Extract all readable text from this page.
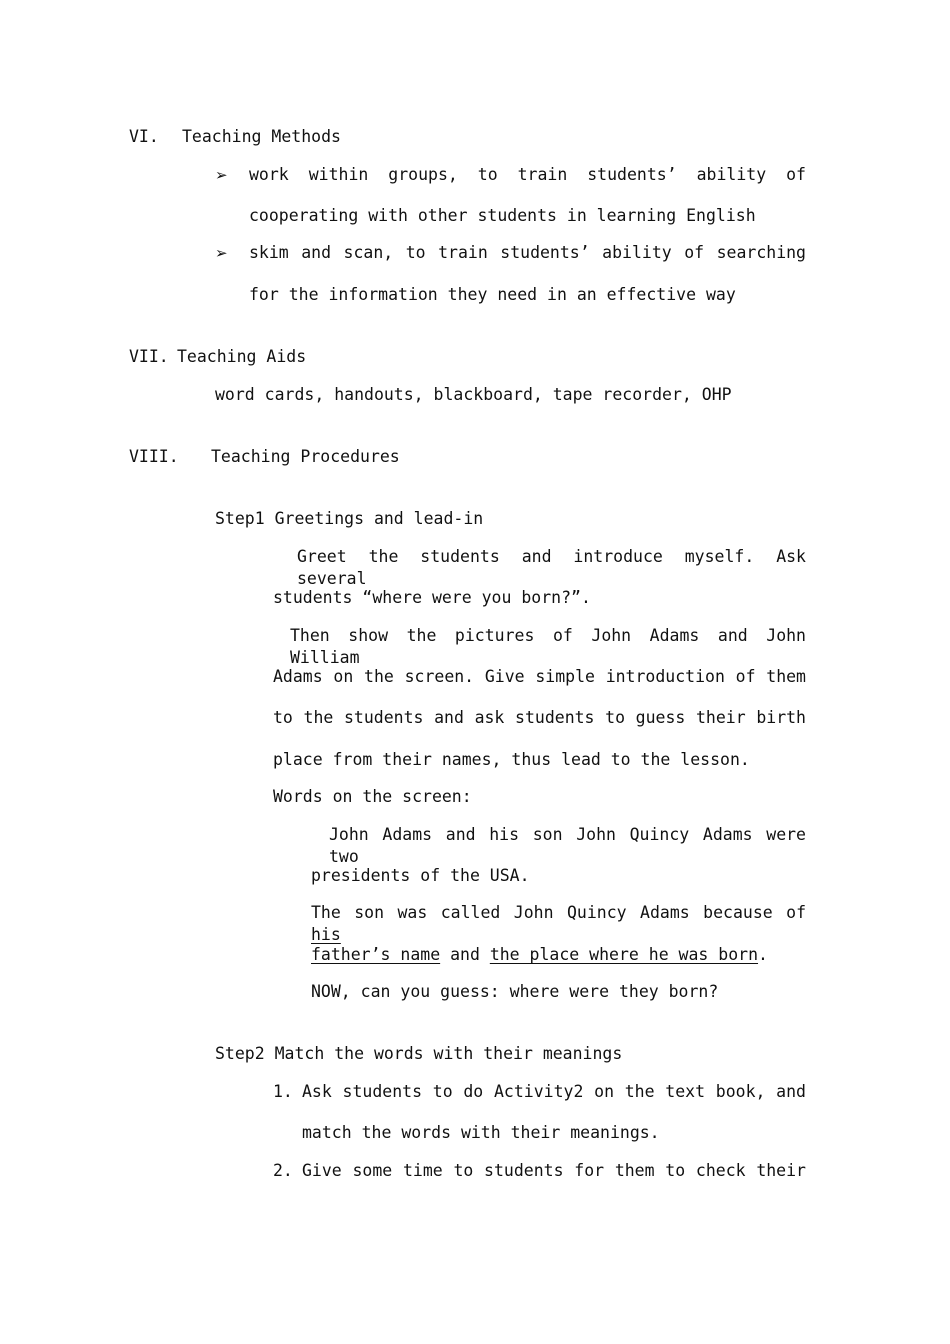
VI. Teaching Methods
➢ work within groups, to train students’ ability of
cooperating with other students in learning English
➢ skim and scan, to train students’ ability of searching
for the information they need in an effective way
VII. Teaching Aids
word cards, handouts, blackboard, tape recorder, OHP
VIII. Teaching Procedures
Step1 Greetings and lead-in
Greet the students and introduce myself. Ask several
students “where were you born?”.
Then show the pictures of John Adams and John William
Adams on the screen. Give simple introduction of them
to the students and ask students to guess their birth
place from their names, thus lead to the lesson.
Words on the screen:
John Adams and his son John Quincy Adams were two
presidents of the USA.
The son was called John Quincy Adams because of his
father’s name and the place where he was born.
NOW, can you guess: where were they born?
Step2 Match the words with their meanings
1. Ask students to do Activity2 on the text book, and
match the words with their meanings.
2. Give some time to students for them to check their
